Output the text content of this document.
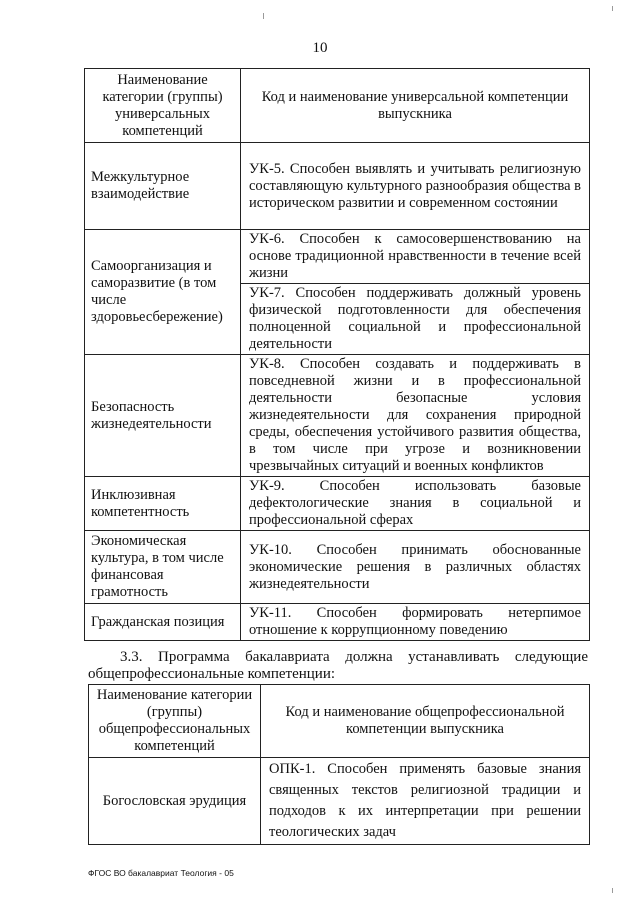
10
Наименование категории (группы) универсальных компетенций	Код и наименование универсальной компетенции выпускника
Межкультурное взаимодействие	УК-5. Способен выявлять и учитывать религиозную составляющую культурного разнообразия общества в историческом развитии и современном состоянии
Самоорганизация и саморазвитие (в том числе здоровьесбережение)	УК-6. Способен к самосовершенствованию на основе традиционной нравственности в течение всей жизни
	УК-7. Способен поддерживать должный уровень физической подготовленности для обеспечения полноценной социальной и профессиональной деятельности
Безопасность жизнедеятельности	УК-8. Способен создавать и поддерживать в повседневной жизни и в профессиональной деятельности безопасные условия жизнедеятельности для сохранения природной среды, обеспечения устойчивого развития общества, в том числе при угрозе и возникновении чрезвычайных ситуаций и военных конфликтов
Инклюзивная компетентность	УК-9. Способен использовать базовые дефектологические знания в социальной и профессиональной сферах
Экономическая культура, в том числе финансовая грамотность	УК-10. Способен принимать обоснованные экономические решения в различных областях жизнедеятельности
Гражданская позиция	УК-11. Способен формировать нетерпимое отношение к коррупционному поведению
3.3. Программа бакалавриата должна устанавливать следующие
общепрофессиональные компетенции:
Наименование категории (группы) общепрофессиональных компетенций	Код и наименование общепрофессиональной компетенции выпускника
Богословская эрудиция	ОПК-1. Способен применять базовые знания священных текстов религиозной традиции и подходов к их интерпретации при решении теологических задач
ФГОС ВО бакалавриат Теология - 05
